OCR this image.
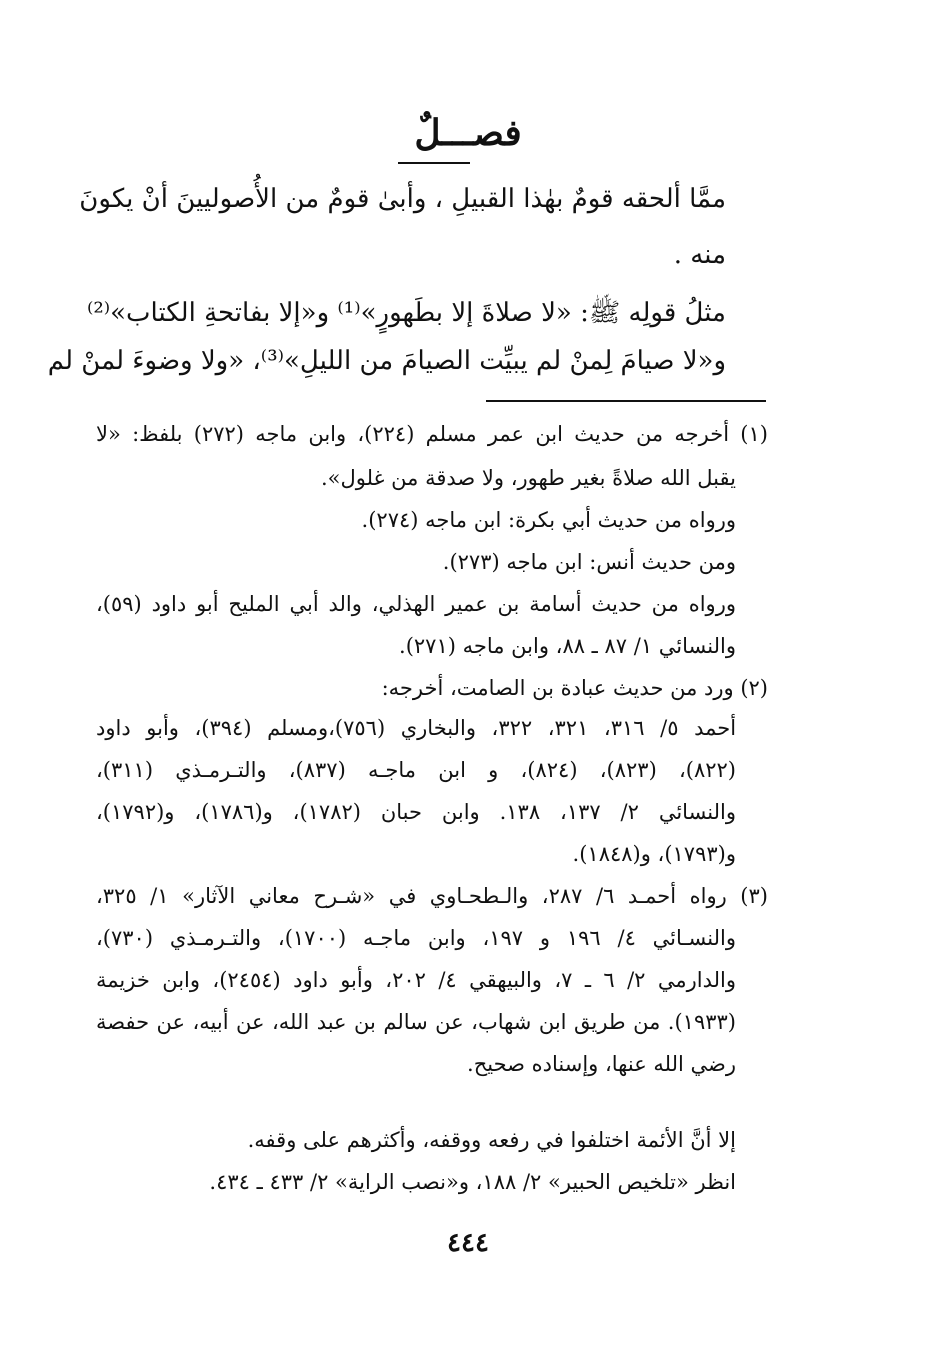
فصـــلٌ
ممَّا ألحقه قومٌ بهٰذا القبيلِ ، وأبىٰ قومٌ من الأُصوليينَ أنْ يكونَ
منه .
مثلُ قولِه ﷺ: «لا صلاةَ إلا بطَهورٍ»⁽¹⁾ و«إلا بفاتحةِ الكتاب»⁽²⁾
و«لا صيامَ لِمنْ لم يبيِّت الصيامَ من الليلِ»⁽³⁾، «ولا وضوءَ لمنْ لم
(١) أخرجه من حديث ابن عمر مسلم (٢٢٤)، وابن ماجه (٢٧٢) بلفظ: «لا
يقبل الله صلاةً بغير طهور، ولا صدقة من غلول».
ورواه من حديث أبي بكرة: ابن ماجه (٢٧٤).
ومن حديث أنس: ابن ماجه (٢٧٣).
ورواه من حديث أسامة بن عمير الهذلي، والد أبي المليح أبو داود (٥٩)،
والنسائي ١/ ٨٧ ـ ٨٨، وابن ماجه (٢٧١).
(٢) ورد من حديث عبادة بن الصامت، أخرجه:
أحمد ٥/ ٣١٦، ٣٢١، ٣٢٢، والبخاري (٧٥٦)،ومسلم (٣٩٤)، وأبو داود
(٨٢٢)، (٨٢٣)، (٨٢٤)، و ابن ماجـه (٨٣٧)، والتـرمـذي (٣١١)،
والنسائي ٢/ ١٣٧، ١٣٨. وابن حبان (١٧٨٢)، و(١٧٨٦)، و(١٧٩٢)،
و(١٧٩٣)، و(١٨٤٨).
(٣) رواه أحمـد ٦/ ٢٨٧، والـطحـاوي في «شـرح معاني الآثار» ١/ ٣٢٥،
والنسـائي ٤/ ١٩٦ و ١٩٧، وابن ماجـه (١٧٠٠)، والتـرمـذي (٧٣٠)،
والدارمي ٢/ ٦ ـ ٧، والبيهقي ٤/ ٢٠٢، وأبو داود (٢٤٥٤)، وابن خزيمة
(١٩٣٣). من طريق ابن شهاب، عن سالم بن عبد الله، عن أبيه، عن حفصة
رضي الله عنها، وإسناده صحيح.
إلا أنَّ الأئمة اختلفوا في رفعه ووقفه، وأكثرهم على وقفه.
انظر «تلخيص الحبير» ٢/ ١٨٨، و«نصب الراية» ٢/ ٤٣٣ ـ ٤٣٤.
٤٤٤
